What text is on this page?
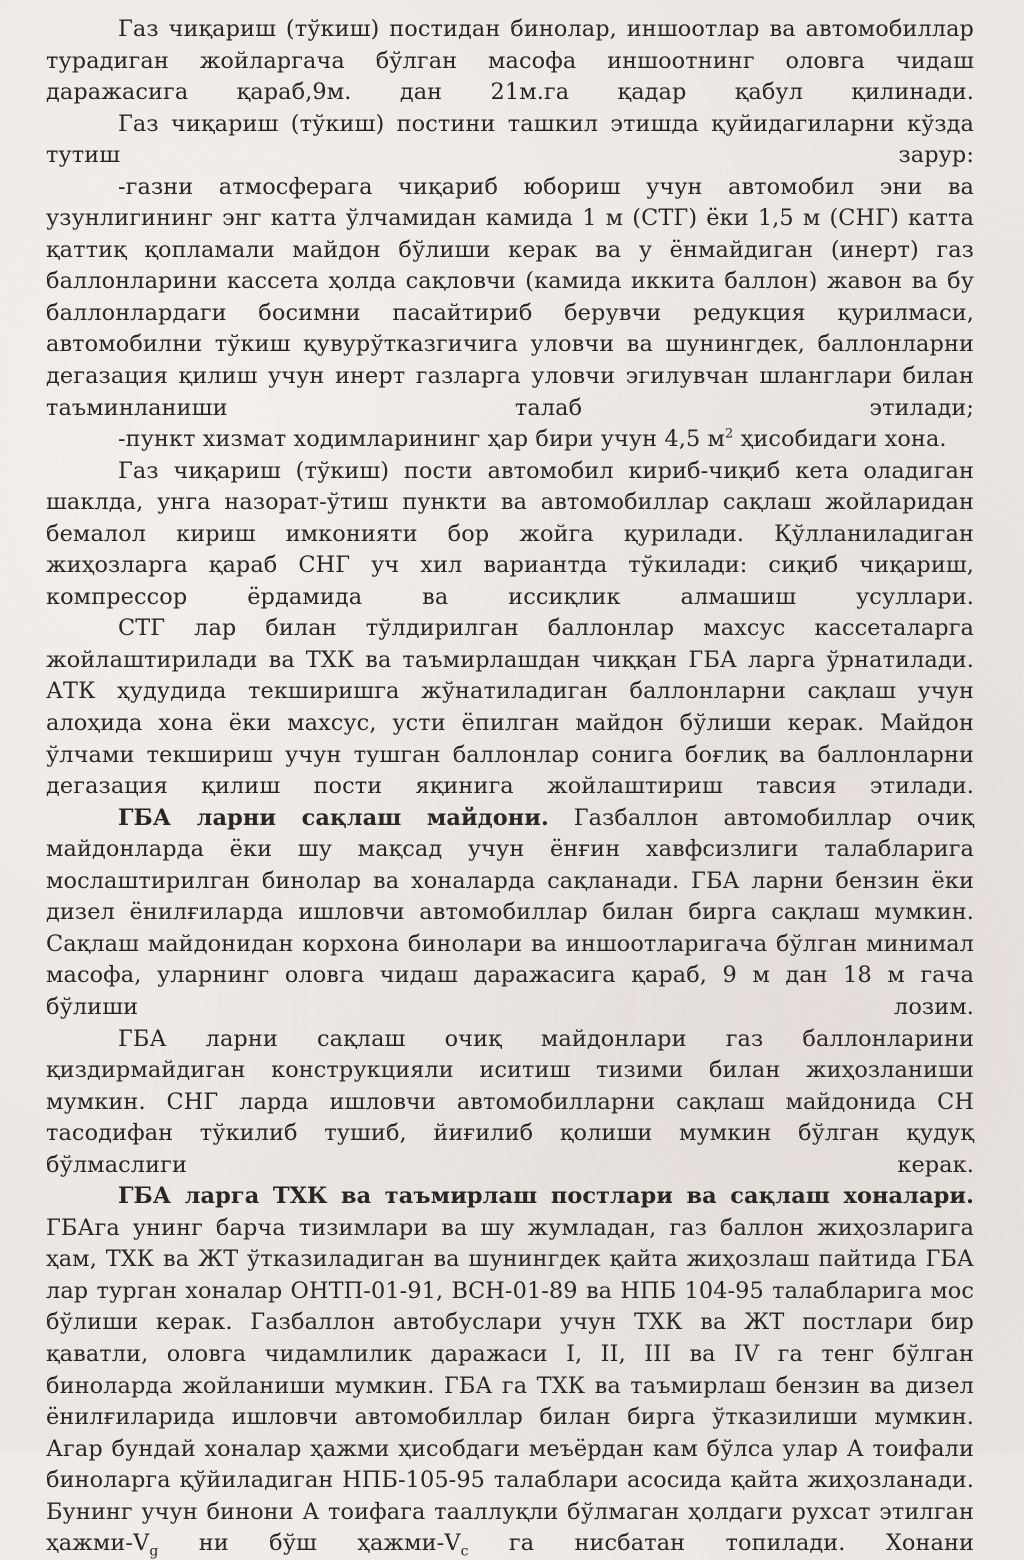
Газ чиқариш (тўкиш) постидан бинолар, иншоотлар ва автомобиллар турадиган жойларгача бўлган масофа иншоотнинг оловга чидаш даражасига қараб,9м. дан 21м.га қадар қабул қилинади.

Газ чиқариш (тўкиш) постини ташкил этишда қуйидагиларни кўзда тутиш зарур:

-газни атмосферага чиқариб юбориш учун автомобил эни ва узунлигининг энг катта ўлчамидан камида 1 м (СТГ) ёки 1,5 м (СНГ) катта қаттиқ қопламали майдон бўлиши керак ва у ёнмайдиган (инерт) газ баллонларини кассета ҳолда сақловчи (камида иккита баллон) жавон ва бу баллонлардаги босимни пасайтириб берувчи редукция қурилмаси, автомобилни тўкиш қувурўтказгичига уловчи ва шунингдек, баллонларни дегазация қилиш учун инерт газларга уловчи эгилувчан шланглари билан таъминланиши талаб этилади;

-пункт хизмат ходимларининг ҳар бири учун 4,5 $м^2$ ҳисобидаги хона.

Газ чиқариш (тўкиш) пости автомобил кириб-чиқиб кета оладиган шаклда, унга назорат-ўтиш пункти ва автомобиллар сақлаш жойларидан бемалол кириш имконияти бор жойга қурилади. Қўлланиладиган жиҳозларга қараб СНГ уч хил вариантда тўкилади: сиқиб чиқариш, компрессор ёрдамида ва иссиқлик алмашиш усуллари.

СТГ лар билан тўлдирилган баллонлар махсус кассеталарга жойлаштирилади ва ТХК ва таъмирлашдан чиққан ГБА ларга ўрнатилади. АТК ҳудудида текширишга жўнатиладиган баллонларни сақлаш учун алоҳида хона ёки махсус, усти ёпилган майдон бўлиши керак. Майдон ўлчами текшириш учун тушган баллонлар сонига боғлиқ ва баллонларни дегазация қилиш пости яқинига жойлаштириш тавсия этилади.

ГБА ларни сақлаш майдони. Газбаллон автомобиллар очиқ майдонларда ёки шу мақсад учун ёнғин хавфсизлиги талабларига мослаштирилган бинолар ва хоналарда сақланади. ГБА ларни бензин ёки дизел ёнилғиларда ишловчи автомобиллар билан бирга сақлаш мумкин. Сақлаш майдонидан корхона бинолари ва иншоотларигача бўлган минимал масофа, уларнинг оловга чидаш даражасига қараб, 9 м дан 18 м гача бўлиши лозим.

ГБА ларни сақлаш очиқ майдонлари газ баллонларини қиздирмайдиган конструкцияли иситиш тизими билан жиҳозланиши мумкин. СНГ ларда ишловчи автомобилларни сақлаш майдонида СН тасодифан тўкилиб тушиб, йиғилиб қолиши мумкин бўлган қудуқ бўлмаслиги керак.

ГБА ларга ТХК ва таъмирлаш постлари ва сақлаш хоналари. ГБАга унинг барча тизимлари ва шу жумладан, газ баллон жиҳозларига ҳам, ТХК ва ЖТ ўтказиладиган ва шунингдек қайта жиҳозлаш пайтида ГБА лар турган хоналар ОНТП-01-91, ВСН-01-89 ва НПБ 104-95 талабларига мос бўлиши керак. Газбаллон автобуслари учун ТХК ва ЖТ постлари бир қаватли, оловга чидамлилик даражаси I, II, III ва IV га тенг бўлган биноларда жойланиши мумкин. ГБА га ТХК ва таъмирлаш бензин ва дизел ёнилғиларида ишловчи автомобиллар билан бирга ўтказилиши мумкин. Агар бундай хоналар ҳажми ҳисобдаги меъёрдан кам бўлса улар А тоифали биноларга қўйиладиган НПБ-105-95 талаблари асосида қайта жиҳозланади. Бунинг учун бинони А тоифага тааллуқли бўлмаган ҳолдаги рухсат этилган ҳажми-$V_g$ ни бўш ҳажми-$V_c$ га нисбатан топилади. Хонани
